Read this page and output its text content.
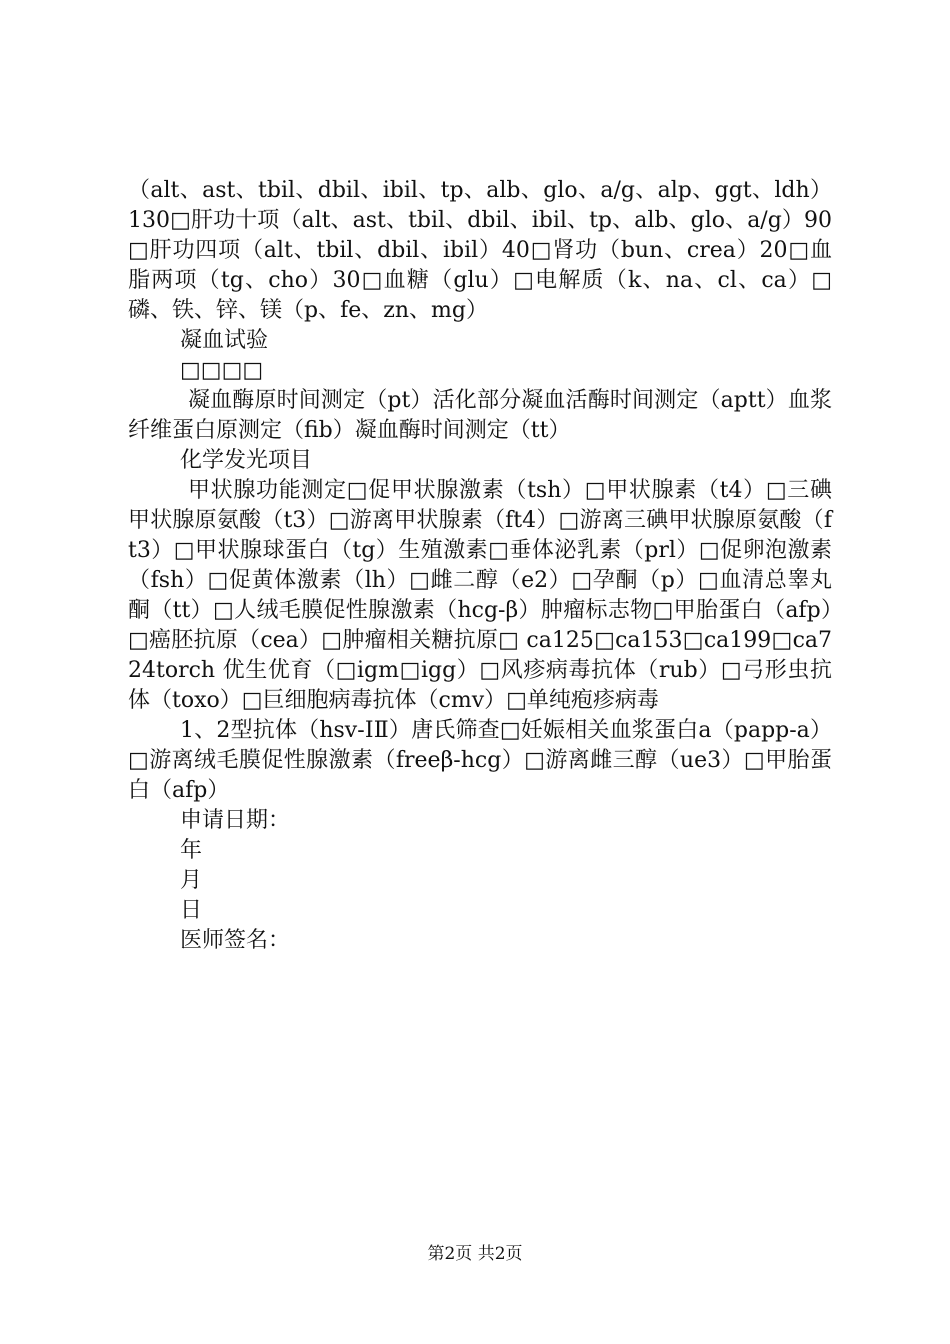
（alt、ast、tbil、dbil、ibil、tp、alb、glo、a/g、alp、ggt、ldh）130□肝功十项（alt、ast、tbil、dbil、ibil、tp、alb、glo、a/g）90□肝功四项（alt、tbil、dbil、ibil）40□肾功（bun、crea）20□血脂两项（tg、cho）30□血糖（glu）□电解质（k、na、cl、ca）□磷、铁、锌、镁（p、fe、zn、mg）

凝血试验

□□□□

凝血酶原时间测定（pt）活化部分凝血活酶时间测定（aptt）血浆纤维蛋白原测定（fib）凝血酶时间测定（tt）

化学发光项目

甲状腺功能测定□促甲状腺激素（tsh）□甲状腺素（t4）□三碘甲状腺原氨酸（t3）□游离甲状腺素（ft4）□游离三碘甲状腺原氨酸（ft3）□甲状腺球蛋白（tg）生殖激素□垂体泌乳素（prl）□促卵泡激素（fsh）□促黄体激素（lh）□雌二醇（e2）□孕酮（p）□血清总睾丸酮（tt）□人绒毛膜促性腺激素（hcg-β）肿瘤标志物□甲胎蛋白（afp）□癌胚抗原（cea）□肿瘤相关糖抗原□ ca125□ca153□ca199□ca724torch 优生优育（□igm□igg）□风疹病毒抗体（rub）□弓形虫抗体（toxo）□巨细胞病毒抗体（cmv）□单纯疱疹病毒

1、2型抗体（hsv-ⅠⅡ）唐氏筛查□妊娠相关血浆蛋白a（papp-a）□游离绒毛膜促性腺激素（freeβ-hcg）□游离雌三醇（ue3）□甲胎蛋白（afp）

申请日期：

年

月

日

医师签名：

第2页 共2页
